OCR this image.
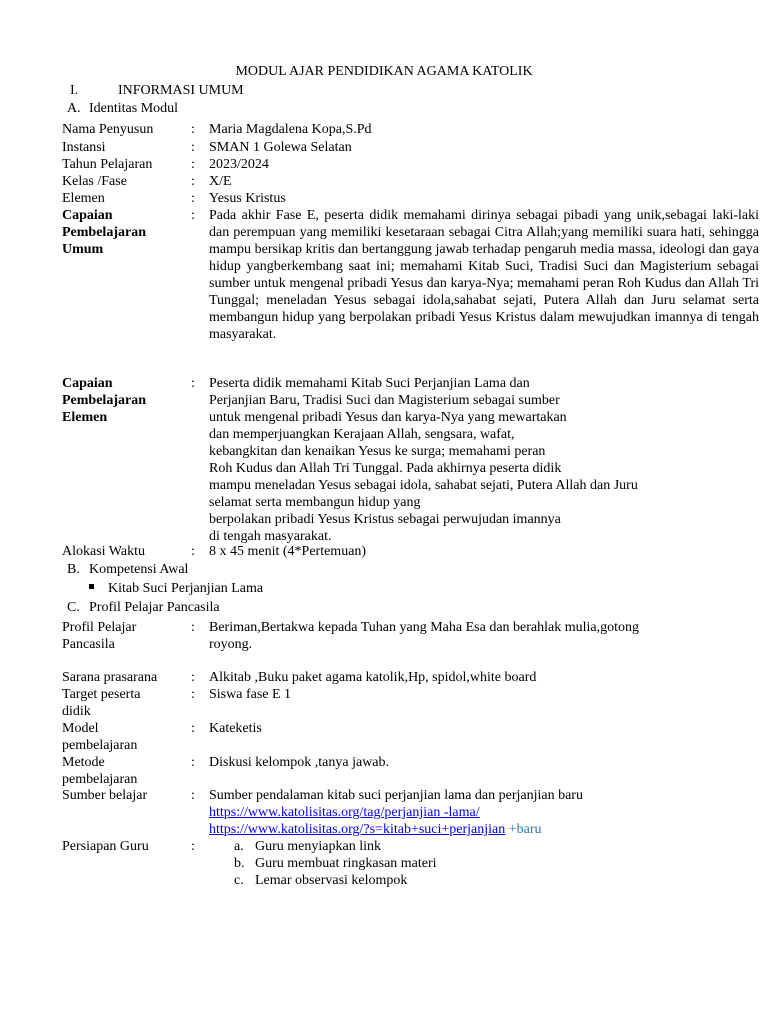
MODUL AJAR PENDIDIKAN AGAMA KATOLIK
I.	INFORMASI UMUM
A. Identitas Modul
Nama Penyusun	: Maria Magdalena Kopa,S.Pd
Instansi	: SMAN 1 Golewa Selatan
Tahun Pelajaran	: 2023/2024
Kelas /Fase	: X/E
Elemen	: Yesus Kristus
Capaian
Pembelajaran
Umum
: Pada akhir Fase E, peserta didik memahami dirinya sebagai pibadi yang unik,sebagai laki-laki dan perempuan yang memiliki kesetaraan sebagai Citra Allah;yang memiliki suara hati, sehingga mampu bersikap kritis dan bertanggung jawab terhadap pengaruh media massa, ideologi dan gaya hidup yangberkembang saat ini; memahami Kitab Suci, Tradisi Suci dan Magisterium sebagai sumber untuk mengenal pribadi Yesus dan karya-Nya; memahami peran Roh Kudus dan Allah Tri Tunggal; meneladan Yesus sebagai idola,sahabat sejati, Putera Allah dan Juru selamat serta membangun hidup yang berpolakan pribadi Yesus Kristus dalam mewujudkan imannya di tengah masyarakat.
Capaian
Pembelajaran
Elemen
: Peserta didik memahami Kitab Suci Perjanjian Lama dan
Perjanjian Baru, Tradisi Suci dan Magisterium sebagai sumber
untuk mengenal pribadi Yesus dan karya-Nya yang mewartakan
dan memperjuangkan Kerajaan Allah, sengsara, wafat,
kebangkitan dan kenaikan Yesus ke surga; memahami peran
Roh Kudus dan Allah Tri Tunggal. Pada akhirnya peserta didik
mampu meneladan Yesus sebagai idola, sahabat sejati, Putera Allah dan Juru
selamat serta membangun hidup yang
berpolakan pribadi Yesus Kristus sebagai perwujudan imannya
di tengah masyarakat.
Alokasi Waktu	: 8 x 45 menit (4*Pertemuan)
B. Kompetensi Awal
Kitab Suci Perjanjian Lama
C. Profil Pelajar Pancasila
Profil Pelajar
Pancasila
: Beriman,Bertakwa kepada Tuhan yang Maha Esa dan berahlak mulia,gotong
royong.
Sarana prasarana	: Alkitab ,Buku paket agama katolik,Hp, spidol,white board
Target peserta
didik
: Siswa fase E 1
Model
pembelajaran
: Kateketis
Metode
pembelajaran
: Diskusi kelompok ,tanya jawab.
Sumber belajar	: Sumber pendalaman kitab suci perjanjian lama dan perjanjian baru
https://www.katolisitas.org/tag/perjanjian -lama/
https://www.katolisitas.org/?s=kitab+suci+perjanjian +baru
Persiapan Guru	:	a. Guru menyiapkan link
b. Guru membuat ringkasan materi
c. Lemar observasi kelompok
